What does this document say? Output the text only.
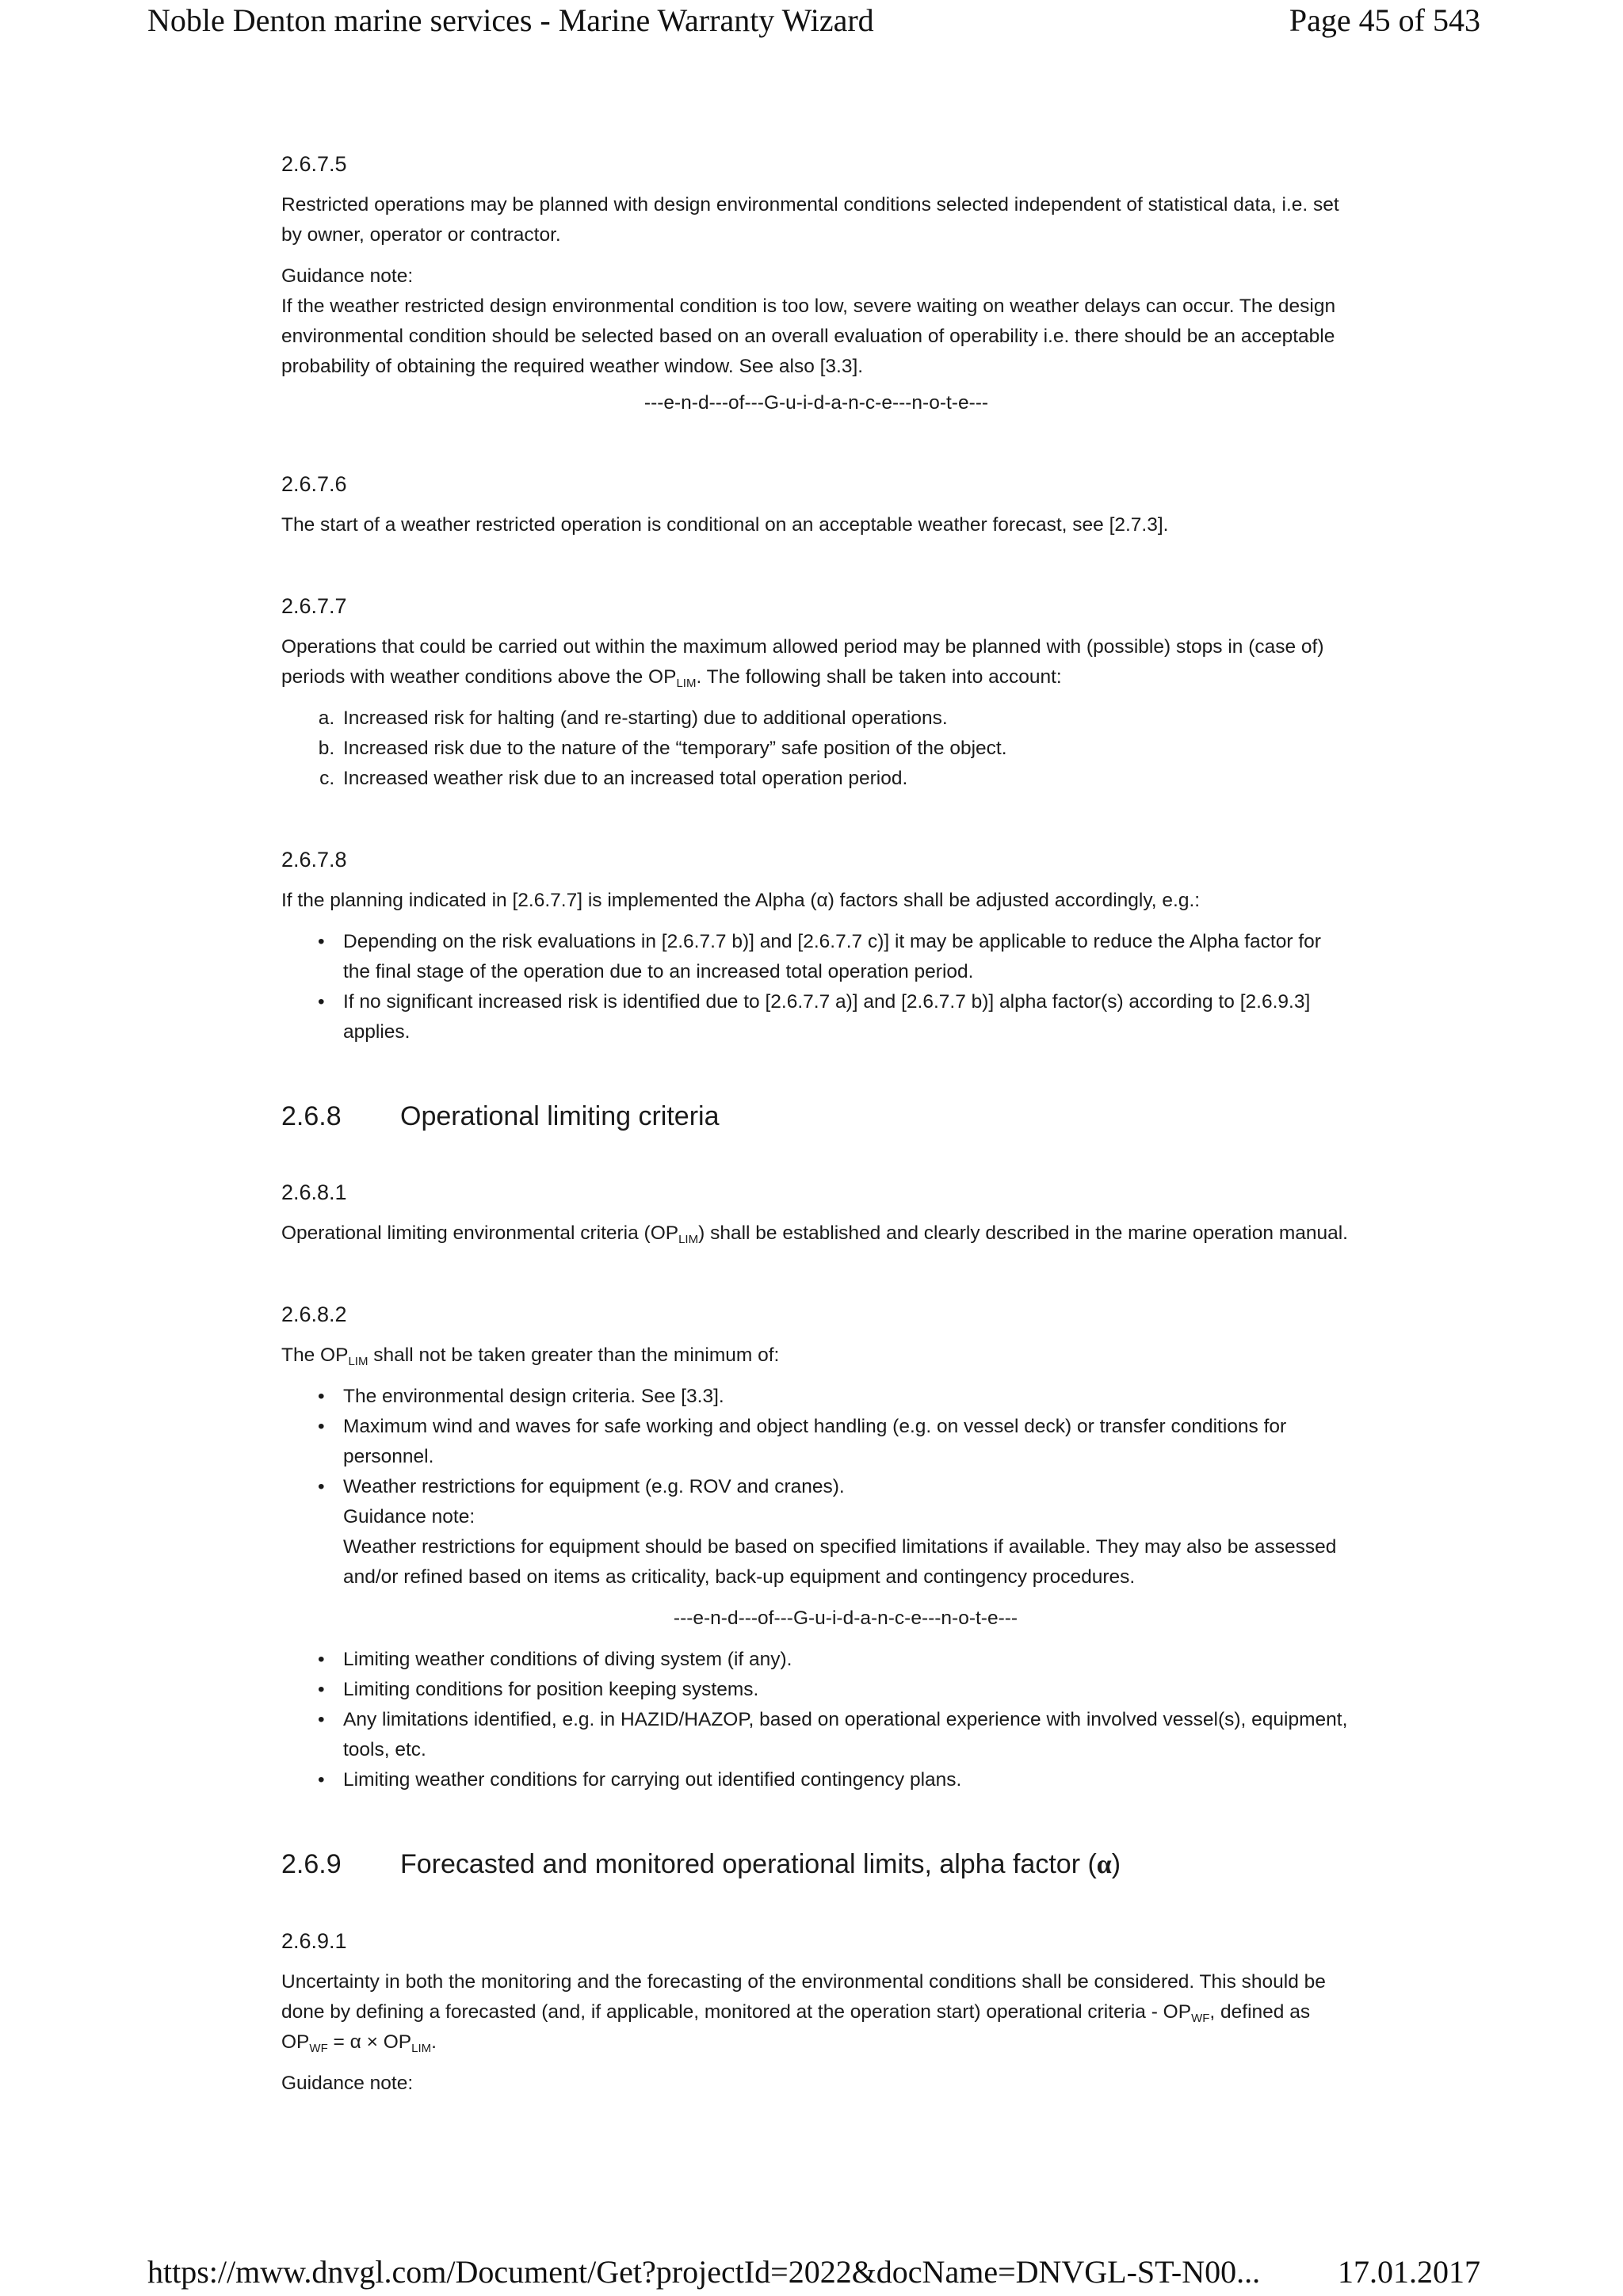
Noble Denton marine services - Marine Warranty Wizard	Page 45 of 543
2.6.7.5

Restricted operations may be planned with design environmental conditions selected independent of statistical data, i.e. set by owner, operator or contractor.

Guidance note:

If the weather restricted design environmental condition is too low, severe waiting on weather delays can occur. The design environmental condition should be selected based on an overall evaluation of operability i.e. there should be an acceptable probability of obtaining the required weather window. See also [3.3].

---e-n-d---of---G-u-i-d-a-n-c-e---n-o-t-e---
2.6.7.6

The start of a weather restricted operation is conditional on an acceptable weather forecast, see [2.7.3].

2.6.7.7

Operations that could be carried out within the maximum allowed period may be planned with (possible) stops in (case of) periods with weather conditions above the $OP_{LIM}$. The following shall be taken into account:

a. Increased risk for halting (and re-starting) due to additional operations.
b. Increased risk due to the nature of the “temporary” safe position of the object.
c. Increased weather risk due to an increased total operation period.
2.6.7.8

If the planning indicated in [2.6.7.7] is implemented the Alpha (α) factors shall be adjusted accordingly, e.g.:

• Depending on the risk evaluations in [2.6.7.7 b)] and [2.6.7.7 c)] it may be applicable to reduce the Alpha factor for the final stage of the operation due to an increased total operation period.
• If no significant increased risk is identified due to [2.6.7.7 a)] and [2.6.7.7 b)] alpha factor(s) according to [2.6.9.3] applies.
2.6.8	Operational limiting criteria
2.6.8.1

Operational limiting environmental criteria $(OP_{LIM})$ shall be established and clearly described in the marine operation manual.

2.6.8.2

The $OP_{LIM}$ shall not be taken greater than the minimum of:

• The environmental design criteria. See [3.3].
• Maximum wind and waves for safe working and object handling (e.g. on vessel deck) or transfer conditions for personnel.
• Weather restrictions for equipment (e.g. ROV and cranes).
Guidance note:
Weather restrictions for equipment should be based on specified limitations if available. They may also be assessed and/or refined based on items as criticality, back-up equipment and contingency procedures.
---e-n-d---of---G-u-i-d-a-n-c-e---n-o-t-e---
• Limiting weather conditions of diving system (if any).
• Limiting conditions for position keeping systems.
• Any limitations identified, e.g. in HAZID/HAZOP, based on operational experience with involved vessel(s), equipment, tools, etc.
• Limiting weather conditions for carrying out identified contingency plans.
2.6.9	Forecasted and monitored operational limits, alpha factor (α)
2.6.9.1

Uncertainty in both the monitoring and the forecasting of the environmental conditions shall be considered. This should be done by defining a forecasted (and, if applicable, monitored at the operation start) operational criteria - $OP_{WF}$, defined as $OP_{WF} = \alpha \times OP_{LIM}$.

Guidance note:

https://mww.dnvgl.com/Document/Get?projectId=2022&docName=DNVGL-ST-N00... 17.01.2017
